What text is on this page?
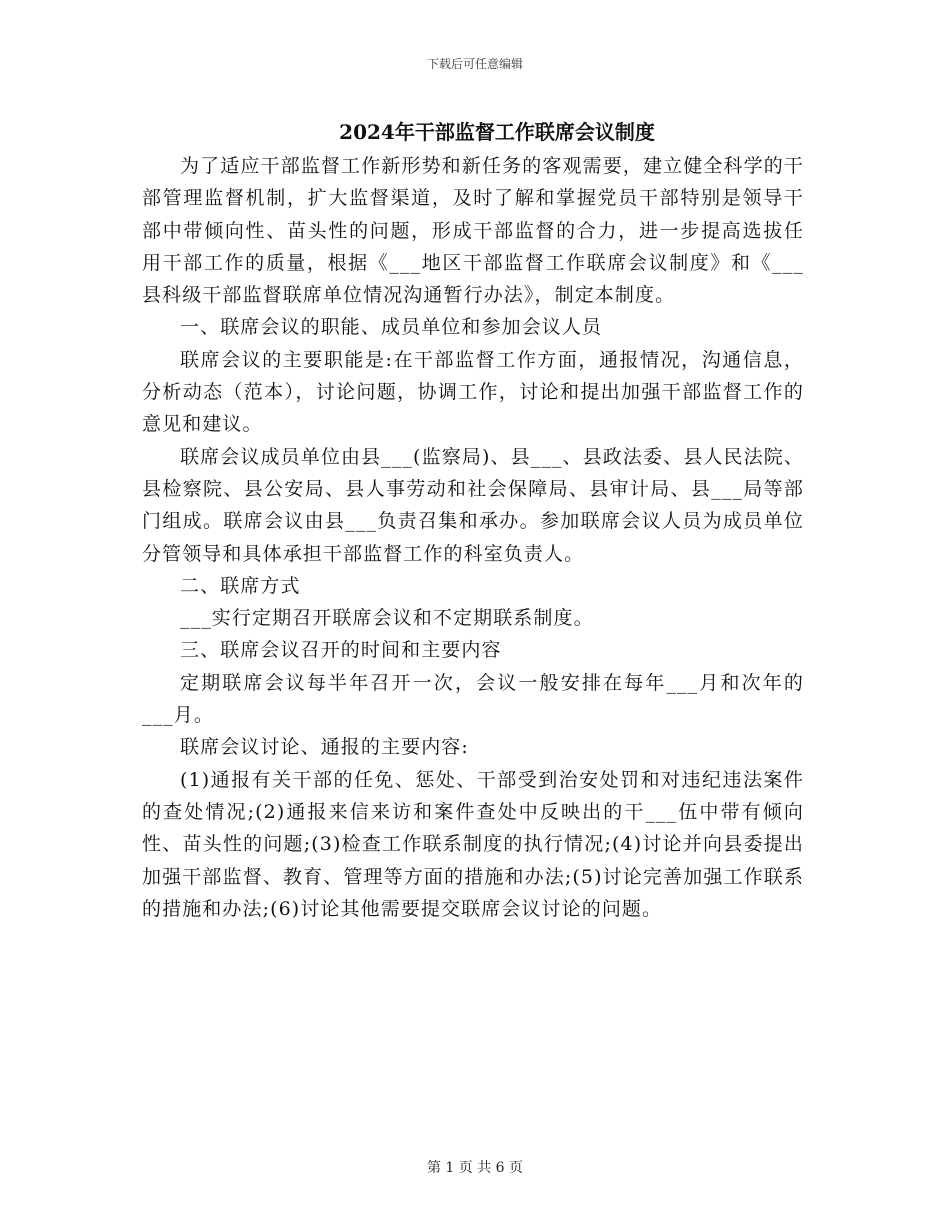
下载后可任意编辑
2024年干部监督工作联席会议制度

为了适应干部监督工作新形势和新任务的客观需要，建立健全科学的干部管理监督机制，扩大监督渠道，及时了解和掌握党员干部特别是领导干部中带倾向性、苗头性的问题，形成干部监督的合力，进一步提高选拔任用干部工作的质量，根据《___地区干部监督工作联席会议制度》和《___县科级干部监督联席单位情况沟通暂行办法》，制定本制度。

一、联席会议的职能、成员单位和参加会议人员

联席会议的主要职能是:在干部监督工作方面，通报情况，沟通信息，分析动态（范本），讨论问题，协调工作，讨论和提出加强干部监督工作的意见和建议。

联席会议成员单位由县___(监察局)、县___、县政法委、县人民法院、县检察院、县公安局、县人事劳动和社会保障局、县审计局、县___局等部门组成。联席会议由县___负责召集和承办。参加联席会议人员为成员单位分管领导和具体承担干部监督工作的科室负责人。

二、联席方式

___实行定期召开联席会议和不定期联系制度。

三、联席会议召开的时间和主要内容

定期联席会议每半年召开一次，会议一般安排在每年___月和次年的___月。

联席会议讨论、通报的主要内容:

(1)通报有关干部的任免、惩处、干部受到治安处罚和对违纪违法案件的查处情况;(2)通报来信来访和案件查处中反映出的干___伍中带有倾向性、苗头性的问题;(3)检查工作联系制度的执行情况;(4)讨论并向县委提出加强干部监督、教育、管理等方面的措施和办法;(5)讨论完善加强工作联系的措施和办法;(6)讨论其他需要提交联席会议讨论的问题。

第 1 页 共 6 页
